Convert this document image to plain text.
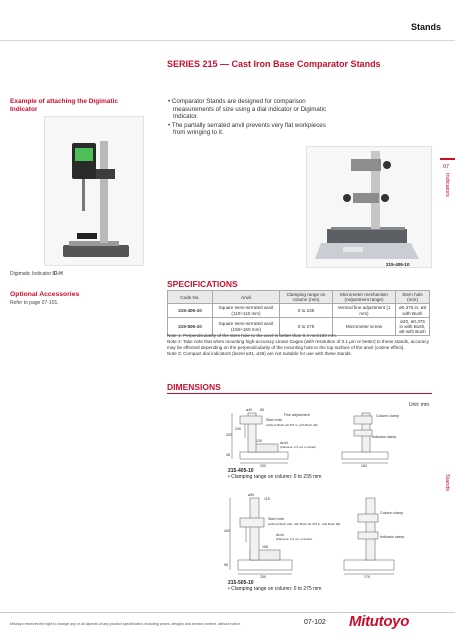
Stands
SERIES 215 — Cast Iron Base Comparator Stands
Example of attaching the Digimatic Indicator
Digimatic Indicator ID-H
Optional Accessories
Refer to page 07-101.
• Comparator Stands are designed for comparison measurements of size using a dial indicator or Digimatic Indicator.
• The partially serrated anvil prevents very flat workpieces from wringing to it.
215-405-10
07
Indicators
Stands
SPECIFICATIONS
Code No.	Anvil	Clamping range on column (mm)	Micrometer mechanism (Adjustment range)	Stem hole (mm)
215-405-10	Square semi-serrated anvil (110×110 mm)	0 to 235	Vertical fine adjustment (1 mm)	ø0.375 in, ø8 with Bush
215-505-10	Square semi-serrated anvil (150×150 mm)	0 to 275	Micrometer screw	ø20, ø0.375 in with Bush, ø8 with Bush
Note 1: Perpendicularity of the stem hole to the anvil is better than 0.4 mm/100 mm.
Note 2: Take note that when mounting high-accuracy Linear Gages (with resolution of 0.1 µm or better) to these stands, accuracy may be effected depending on the perpendicularity of the mounting hole to the top surface of the anvil (cosine effect).
Note 3: Compact dial indicators (bezel ø31, ø36) are not suitable for use with these stands.
DIMENSIONS
Unit: mm
ø40 85
Fine adjustment
Stem hole
(without Bush ø0.375 in, with Bush ø8)
Column clamp
Indicator clamp
Anvil
(Flatness: 2.5 µm or better)
320
240
38
130
205	184
215-405-10
• Clamping range on column: 0 to 235 mm
ø50
115
Stem hole
(without Bush ø20, with Bush ø0.375 in, with Bush ø8)
Anvil
(Flatness: 2.5 µm or better)
Column clamp
Indicator clamp
400
56
158
250	179
215-505-10
• Clamping range on column: 0 to 275 mm
Mitutoyo reserves the right to change any or all aspects of any product specification, including prices, designs and service content, without notice.	07-102 Mitutoyo
